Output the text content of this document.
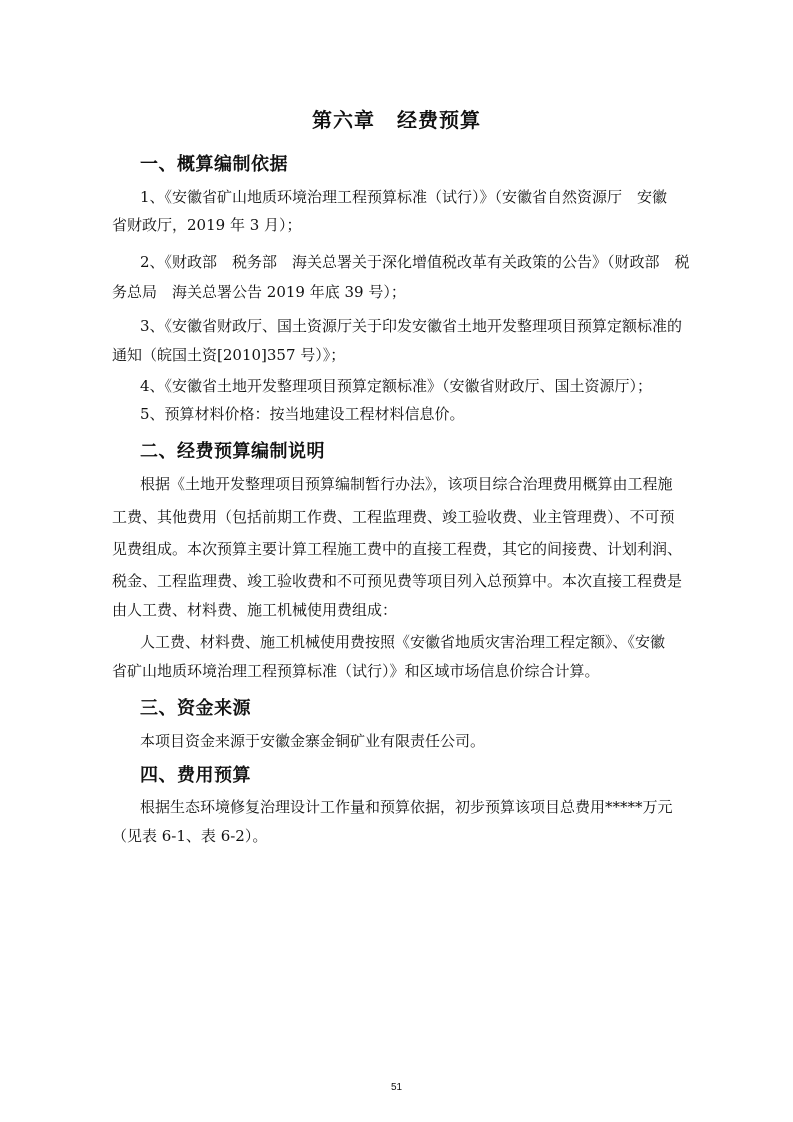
第六章 经费预算
一、概算编制依据
1、《安徽省矿山地质环境治理工程预算标准（试行）》（安徽省自然资源厅　安徽
省财政厅，2019 年 3 月）；
2、《财政部　税务部　海关总署关于深化增值税改革有关政策的公告》（财政部　税
务总局　海关总署公告 2019 年底 39 号）；
3、《安徽省财政厅、国土资源厅关于印发安徽省土地开发整理项目预算定额标准的
通知（皖国土资[2010]357 号）》；
4、《安徽省土地开发整理项目预算定额标准》（安徽省财政厅、国土资源厅）；
5、预算材料价格：按当地建设工程材料信息价。
二、经费预算编制说明
根据《土地开发整理项目预算编制暂行办法》，该项目综合治理费用概算由工程施
工费、其他费用（包括前期工作费、工程监理费、竣工验收费、业主管理费）、不可预
见费组成。本次预算主要计算工程施工费中的直接工程费，其它的间接费、计划利润、
税金、工程监理费、竣工验收费和不可预见费等项目列入总预算中。本次直接工程费是
由人工费、材料费、施工机械使用费组成：
人工费、材料费、施工机械使用费按照《安徽省地质灾害治理工程定额》、《安徽
省矿山地质环境治理工程预算标准（试行）》和区域市场信息价综合计算。
三、资金来源
本项目资金来源于安徽金寨金铜矿业有限责任公司。
四、费用预算
根据生态环境修复治理设计工作量和预算依据，初步预算该项目总费用*****万元
（见表 6-1、表 6-2）。
51
